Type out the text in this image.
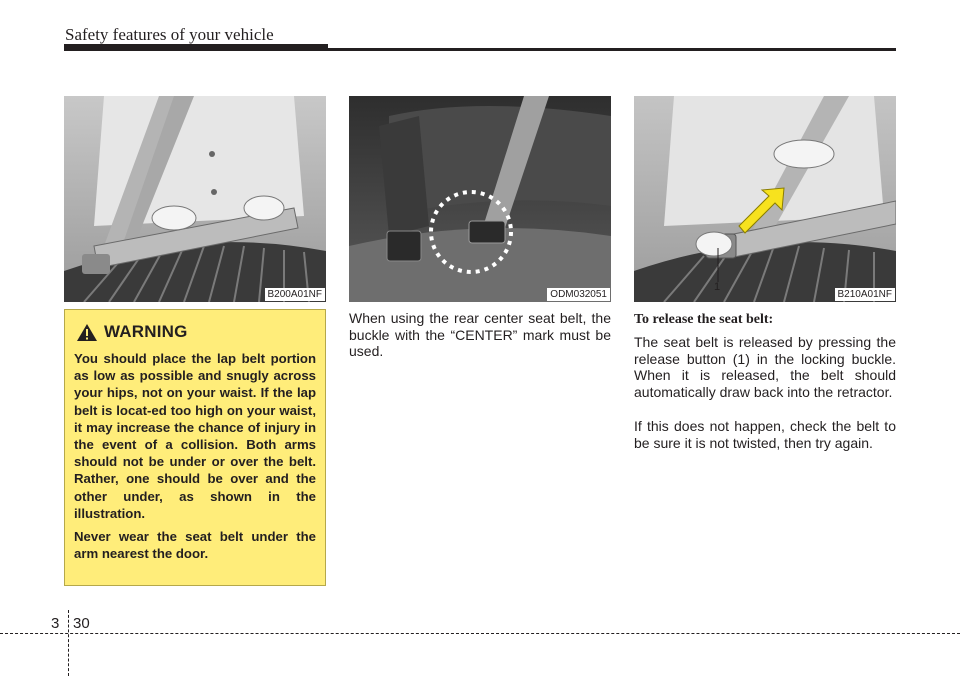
Safety features of your vehicle
B200A01NF	ODM032051
1
B210A01NF
WARNING

You should place the lap belt portion as low as possible and snugly across your hips, not on your waist. If the lap belt is locat-ed too high on your waist, it may increase the chance of injury in the event of a collision. Both arms should not be under or over the belt. Rather, one should be over and the other under, as shown in the illustration.

Never wear the seat belt under the arm nearest the door.

When using the rear center seat belt, the buckle with the “CENTER” mark must be used.

To release the seat belt:

The seat belt is released by pressing the release button (1) in the locking buckle. When it is released, the belt should automatically draw back into the retractor.

If this does not happen, check the belt to be sure it is not twisted, then try again.

3 30
